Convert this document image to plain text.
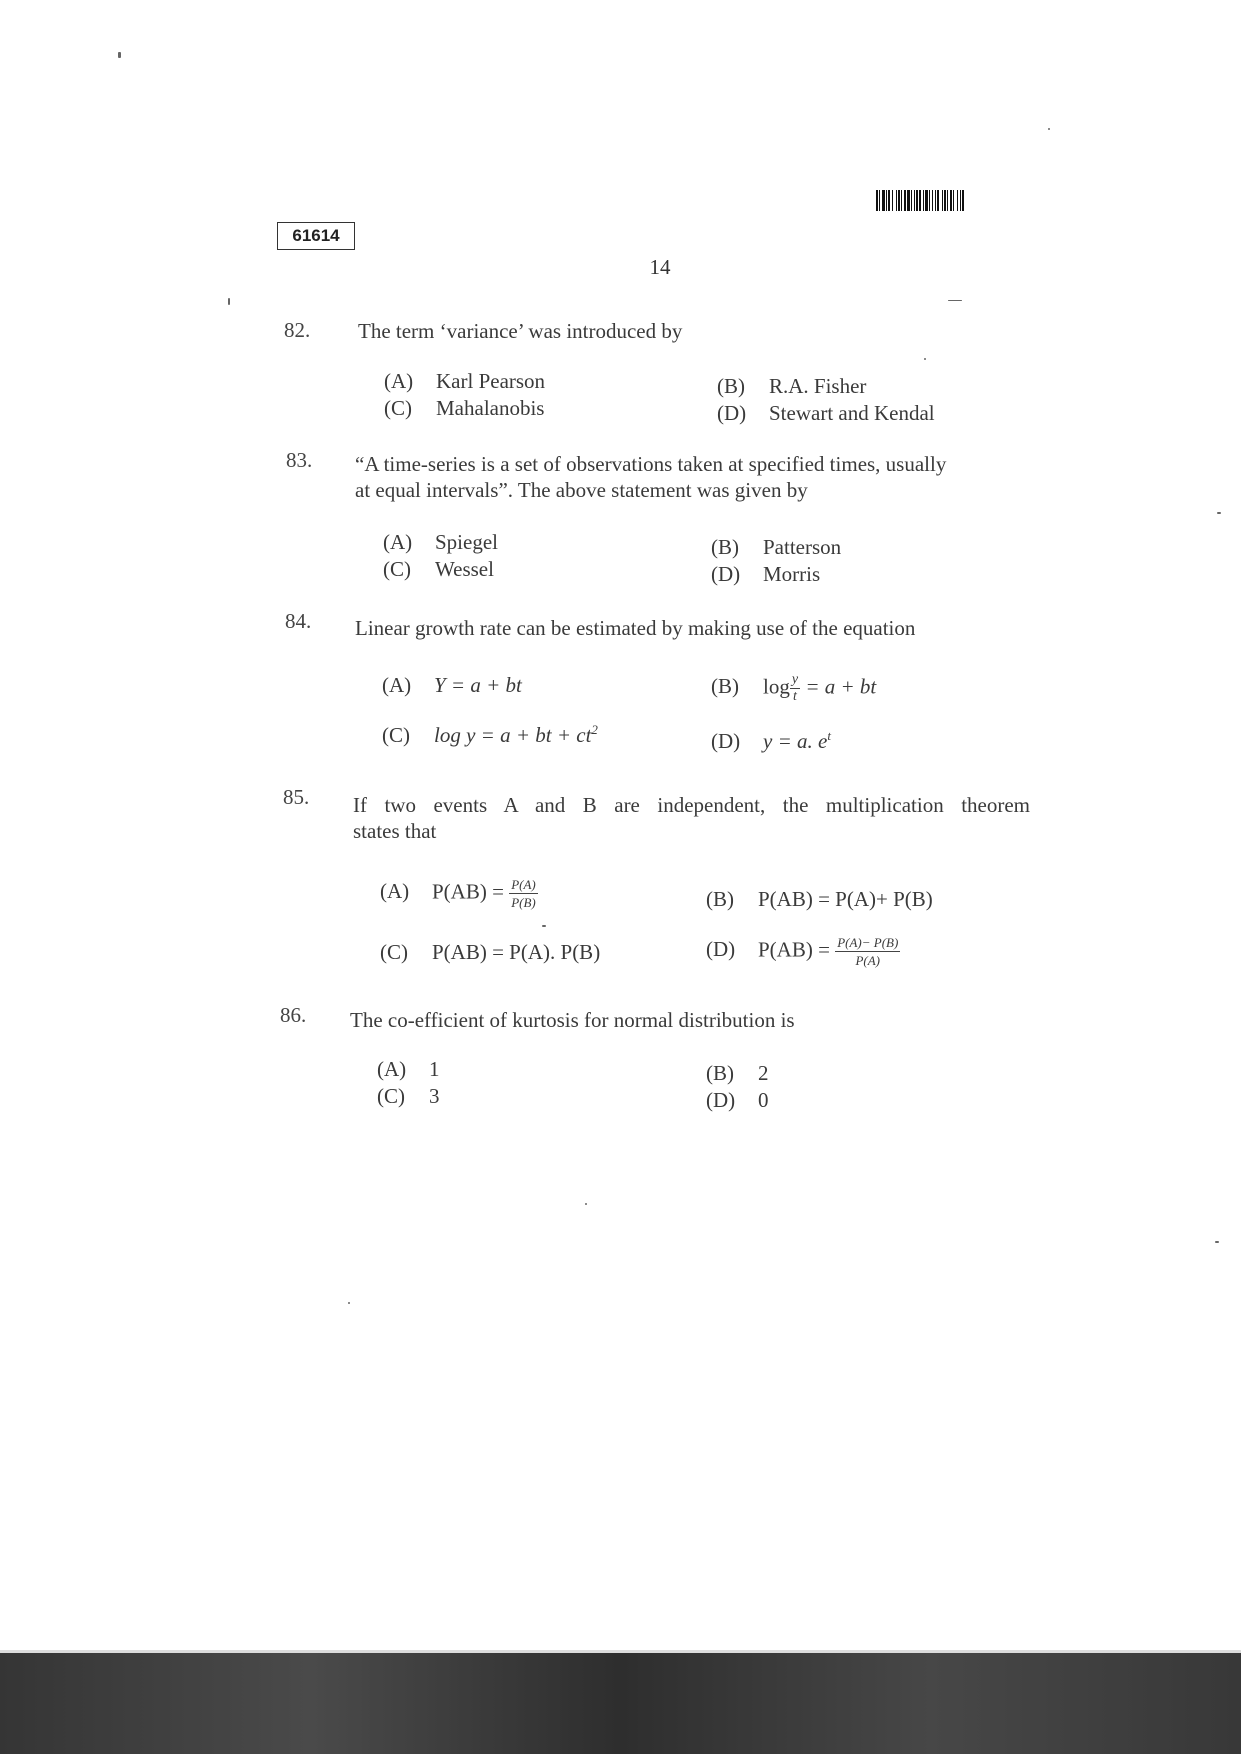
61614
14
82. The term ‘variance’ was introduced by
(A) Karl Pearson	(B) R.A. Fisher
(C) Mahalanobis	(D) Stewart and Kendal
83. “A time-series is a set of observations taken at specified times, usually
at equal intervals”. The above statement was given by
(A) Spiegel	(B) Patterson
(C) Wessel	(D) Morris
84. Linear growth rate can be estimated by making use of the equation
(A) Y = a + bt	(B) $\log \frac{y}{t} = a$ + bt
(C) log y = a + bt + $ct^2$	(D) y = a. $e^t$
85. If two events A and B are independent, the multiplication theorem
states that
(A) $P(AB) = \frac{P(A)}{P(B)}$	(B) P(AB) = P(A)+ P(B)
(C) P(AB) = P(A). P(B)	(D) $P(AB) = \frac{P(A)- P(B)}{P(A)}$
86. The co-efficient of kurtosis for normal distribution is
(A) 1	(B) 2
(C) 3	(D) 0
